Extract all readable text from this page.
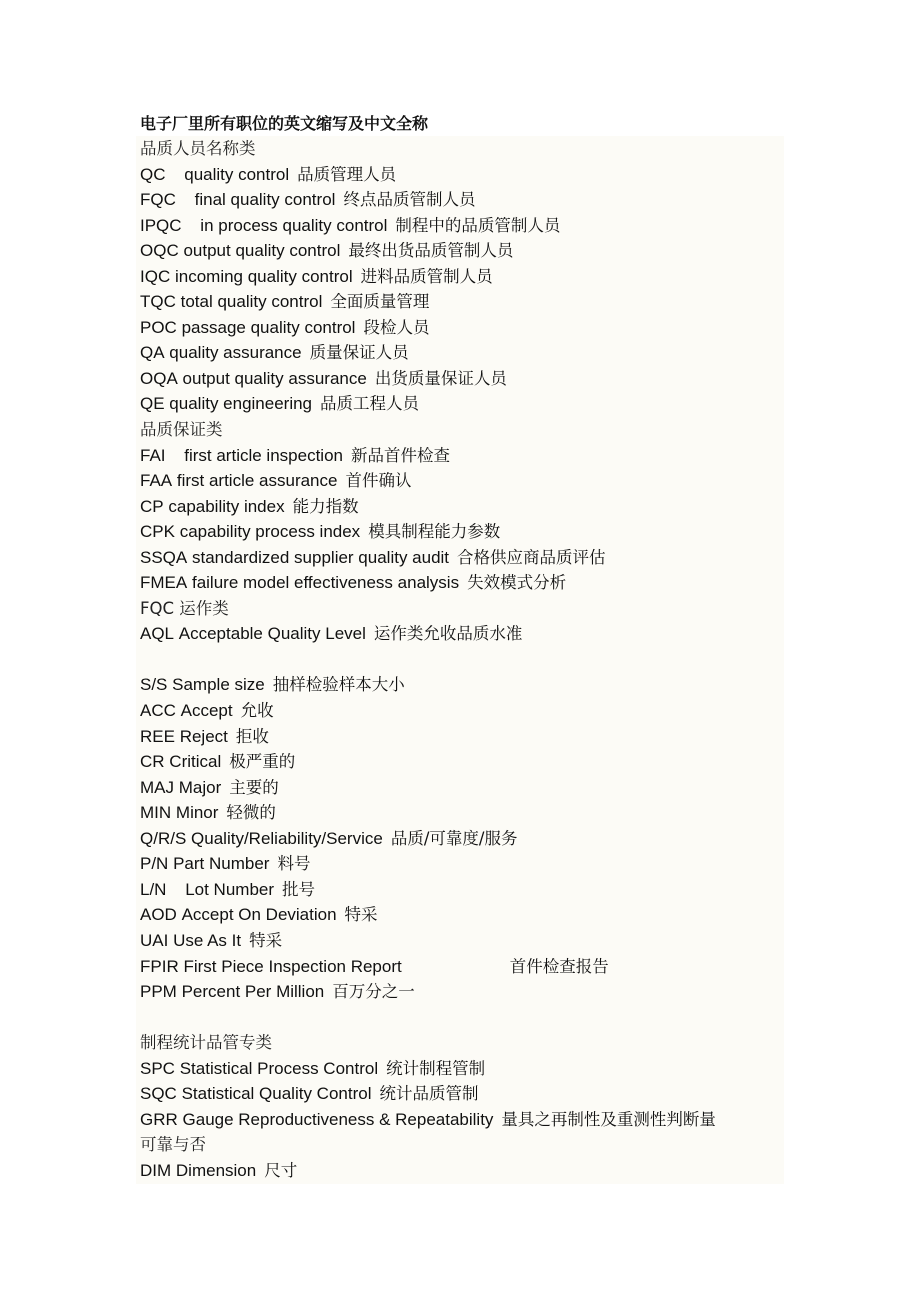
电子厂里所有职位的英文缩写及中文全称
品质人员名称类
QC quality control 品质管理人员
FQC final quality control 终点品质管制人员
IPQC in process quality control 制程中的品质管制人员
OQC output quality control 最终出货品质管制人员
IQC incoming quality control 进料品质管制人员
TQC total quality control 全面质量管理
POC passage quality control 段检人员
QA quality assurance 质量保证人员
OQA output quality assurance 出货质量保证人员
QE quality engineering 品质工程人员
品质保证类
FAI first article inspection 新品首件检查
FAA first article assurance 首件确认
CP capability index 能力指数
CPK capability process index 模具制程能力参数
SSQA standardized supplier quality audit 合格供应商品质评估
FMEA failure model effectiveness analysis 失效模式分析
FQC 运作类
AQL Acceptable Quality Level 运作类允收品质水准
S/S Sample size 抽样检验样本大小
ACC Accept 允收
REE Reject 拒收
CR Critical 极严重的
MAJ Major 主要的
MIN Minor 轻微的
Q/R/S Quality/Reliability/Service 品质/可靠度/服务
P/N Part Number 料号
L/N Lot Number 批号
AOD Accept On Deviation 特采
UAI Use As It 特采
FPIR First Piece Inspection Report	首件检查报告
PPM Percent Per Million 百万分之一
制程统计品管专类
SPC Statistical Process Control 统计制程管制
SQC Statistical Quality Control 统计品质管制
GRR Gauge Reproductiveness & Repeatability 量具之再制性及重测性判断量
可靠与否
DIM Dimension 尺寸
